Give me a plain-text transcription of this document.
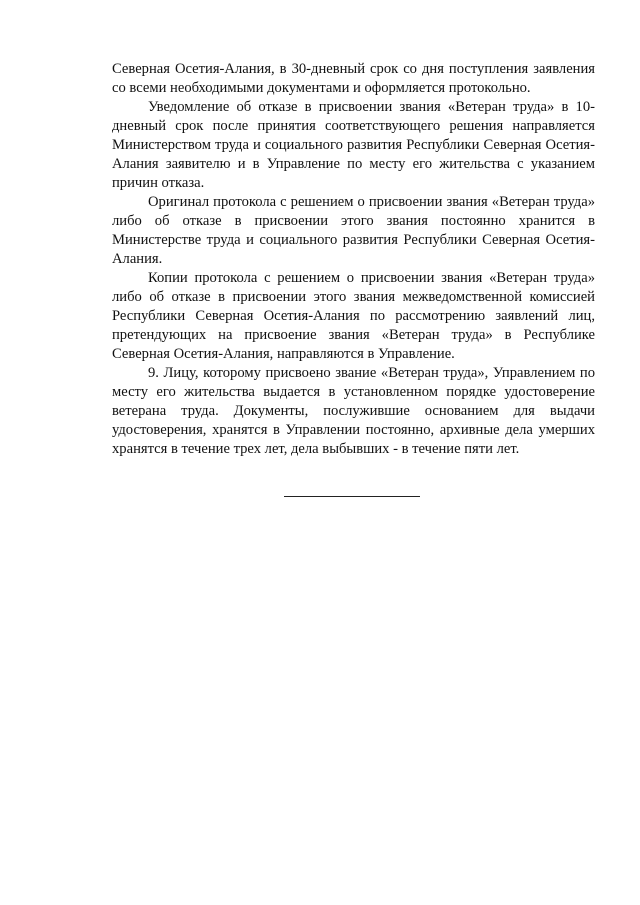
Северная Осетия-Алания, в 30-дневный срок со дня поступления заявления со всеми необходимыми документами и оформляется протокольно.

Уведомление об отказе в присвоении звания «Ветеран труда» в 10-дневный срок после принятия соответствующего решения направляется Министерством труда и социального развития Республики Северная Осетия-Алания заявителю и в Управление по месту его жительства с указанием причин отказа.

Оригинал протокола с решением о присвоении звания «Ветеран труда» либо об отказе в присвоении этого звания постоянно хранится в Министерстве труда и социального развития Республики Северная Осетия-Алания.

Копии протокола с решением о присвоении звания «Ветеран труда» либо об отказе в присвоении этого звания межведомственной комиссией Республики Северная Осетия-Алания по рассмотрению заявлений лиц, претендующих на присвоение звания «Ветеран труда» в Республике Северная Осетия-Алания, направляются в Управление.

9. Лицу, которому присвоено звание «Ветеран труда», Управлением по месту его жительства выдается в установленном порядке удостоверение ветерана труда. Документы, послужившие основанием для выдачи удостоверения, хранятся в Управлении постоянно, архивные дела умерших хранятся в течение трех лет, дела выбывших - в течение пяти лет.
